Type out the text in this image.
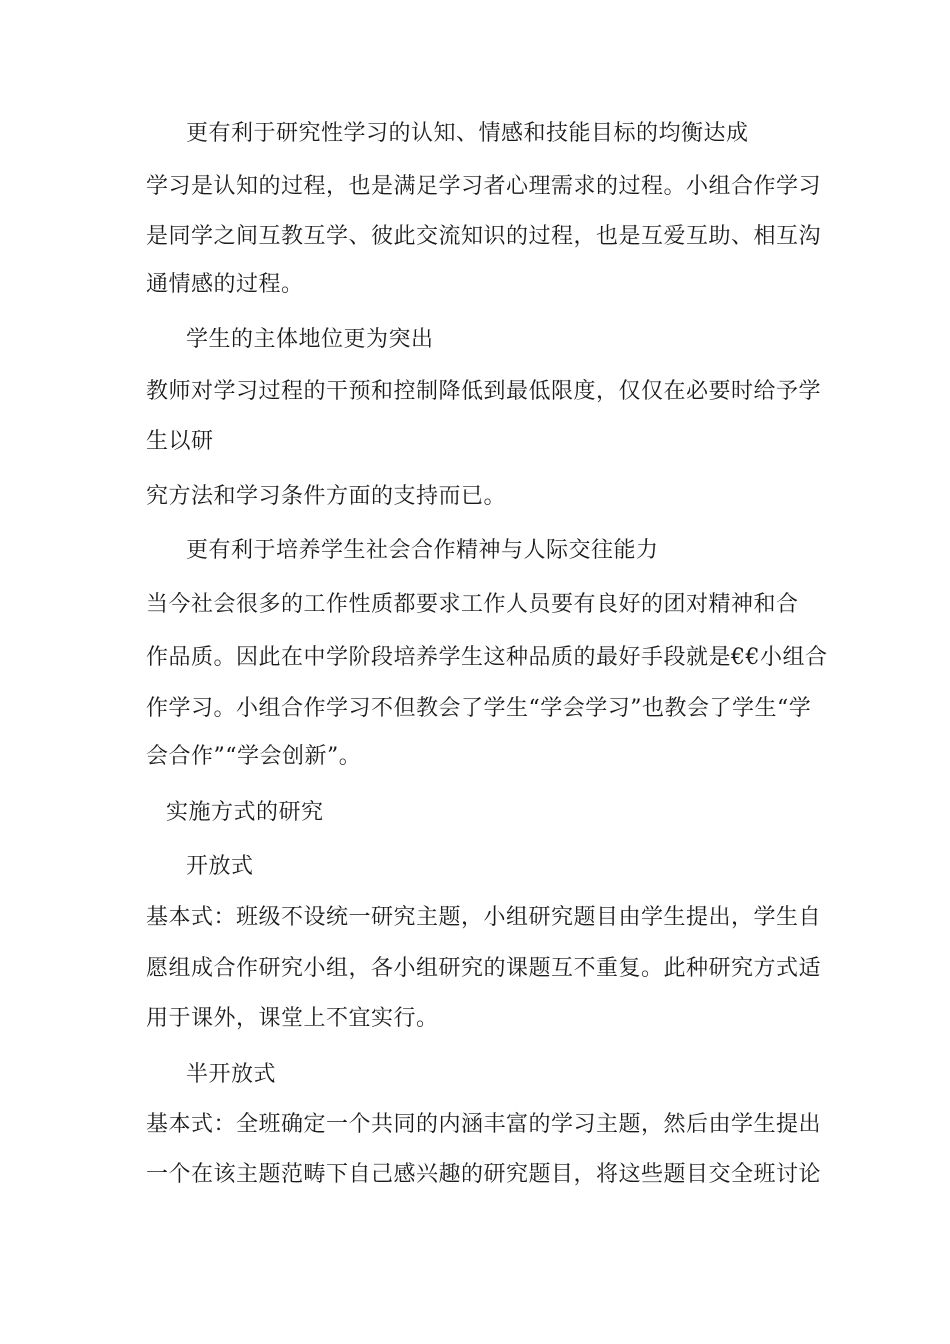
更有利于研究性学习的认知、情感和技能目标的均衡达成
学习是认知的过程，也是满足学习者心理需求的过程。小组合作学习
是同学之间互教互学、彼此交流知识的过程，也是互爱互助、相互沟
通情感的过程。
学生的主体地位更为突出
教师对学习过程的干预和控制降低到最低限度，仅仅在必要时给予学
生以研
究方法和学习条件方面的支持而已。
更有利于培养学生社会合作精神与人际交往能力
当今社会很多的工作性质都要求工作人员要有良好的团对精神和合
作品质。因此在中学阶段培养学生这种品质的最好手段就是€€小组合
作学习。小组合作学习不但教会了学生“学会学习”也教会了学生“学
会合作”“学会创新”。
实施方式的研究
开放式
基本式：班级不设统一研究主题，小组研究题目由学生提出，学生自
愿组成合作研究小组，各小组研究的课题互不重复。此种研究方式适
用于课外，课堂上不宜实行。
半开放式
基本式：全班确定一个共同的内涵丰富的学习主题，然后由学生提出
一个在该主题范畴下自己感兴趣的研究题目，将这些题目交全班讨论
